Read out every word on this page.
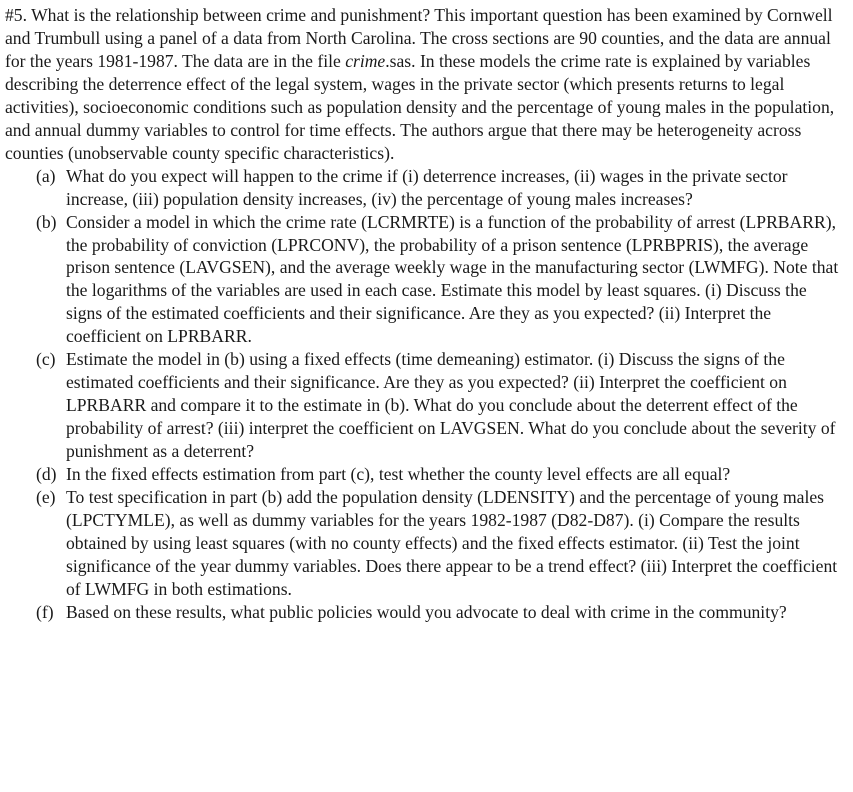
#5. What is the relationship between crime and punishment? This important question has been examined by Cornwell and Trumbull using a panel of a data from North Carolina. The cross sections are 90 counties, and the data are annual for the years 1981-1987. The data are in the file crime.sas. In these models the crime rate is explained by variables describing the deterrence effect of the legal system, wages in the private sector (which presents returns to legal activities), socioeconomic conditions such as population density and the percentage of young males in the population, and annual dummy variables to control for time effects. The authors argue that there may be heterogeneity across counties (unobservable county specific characteristics).

(a) What do you expect will happen to the crime if (i) deterrence increases, (ii) wages in the private sector increase, (iii) population density increases, (iv) the percentage of young males increases?
(b) Consider a model in which the crime rate (LCRMRTE) is a function of the probability of arrest (LPRBARR), the probability of conviction (LPRCONV), the probability of a prison sentence (LPRBPRIS), the average prison sentence (LAVGSEN), and the average weekly wage in the manufacturing sector (LWMFG). Note that the logarithms of the variables are used in each case. Estimate this model by least squares. (i) Discuss the signs of the estimated coefficients and their significance. Are they as you expected? (ii) Interpret the coefficient on LPRBARR.
(c) Estimate the model in (b) using a fixed effects (time demeaning) estimator. (i) Discuss the signs of the estimated coefficients and their significance. Are they as you expected? (ii) Interpret the coefficient on LPRBARR and compare it to the estimate in (b). What do you conclude about the deterrent effect of the probability of arrest? (iii) interpret the coefficient on LAVGSEN. What do you conclude about the severity of punishment as a deterrent?
(d) In the fixed effects estimation from part (c), test whether the county level effects are all equal?
(e) To test specification in part (b) add the population density (LDENSITY) and the percentage of young males (LPCTYMLE), as well as dummy variables for the years 1982-1987 (D82-D87). (i) Compare the results obtained by using least squares (with no county effects) and the fixed effects estimator. (ii) Test the joint significance of the year dummy variables. Does there appear to be a trend effect? (iii) Interpret the coefficient of LWMFG in both estimations.
(f) Based on these results, what public policies would you advocate to deal with crime in the community?
